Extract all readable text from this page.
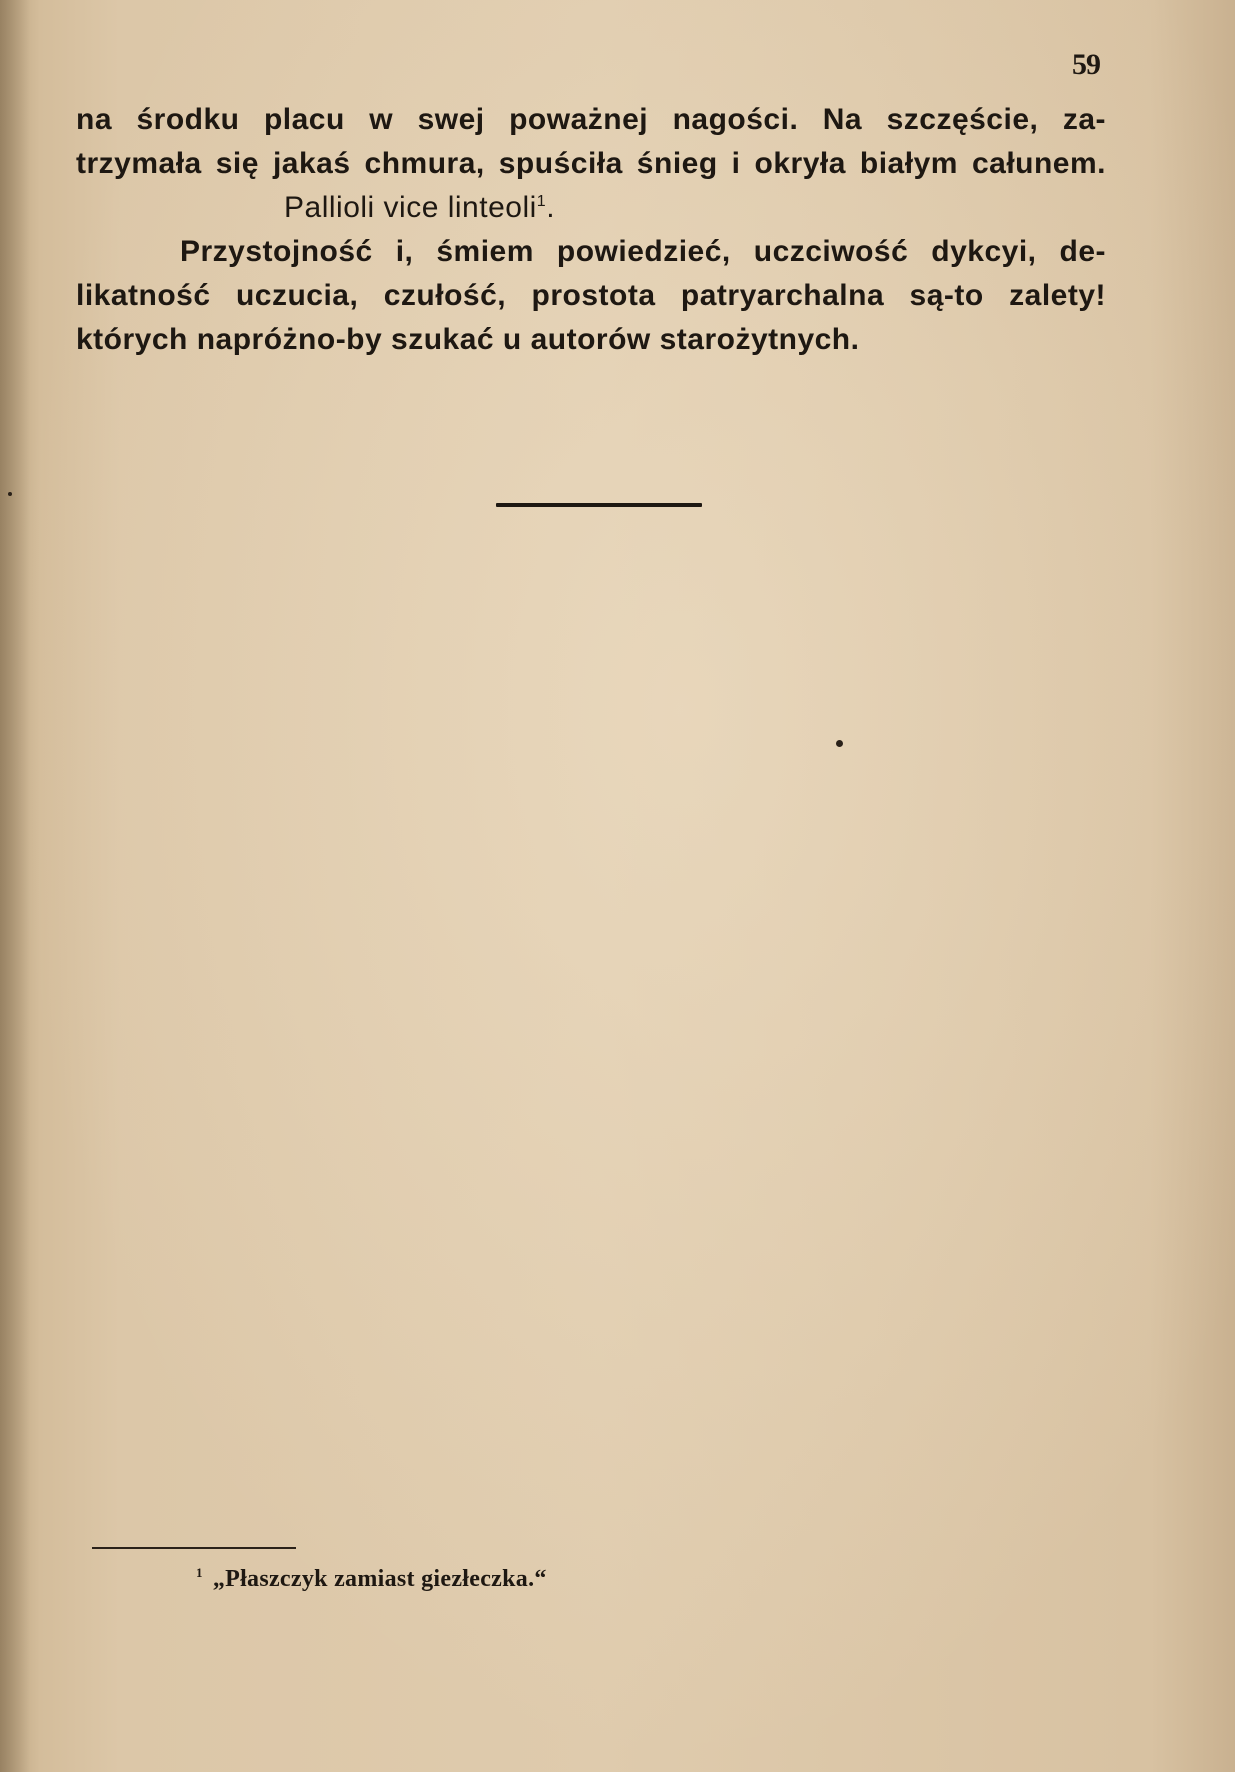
59
na środku placu w swej poważnej nagości. Na szczęście, za-
trzymała się jakaś chmura, spuściła śnieg i okryła białym całunem.
Pallioli vice linteoli$^1$.
Przystojność i, śmiem powiedzieć, uczciwość dykcyi, de-
likatność uczucia, czułość, prostota patryarchalna są-to zalety!
których napróżno-by szukać u autorów starożytnych.
$^1$ „Płaszczyk zamiast giezłeczka.“
